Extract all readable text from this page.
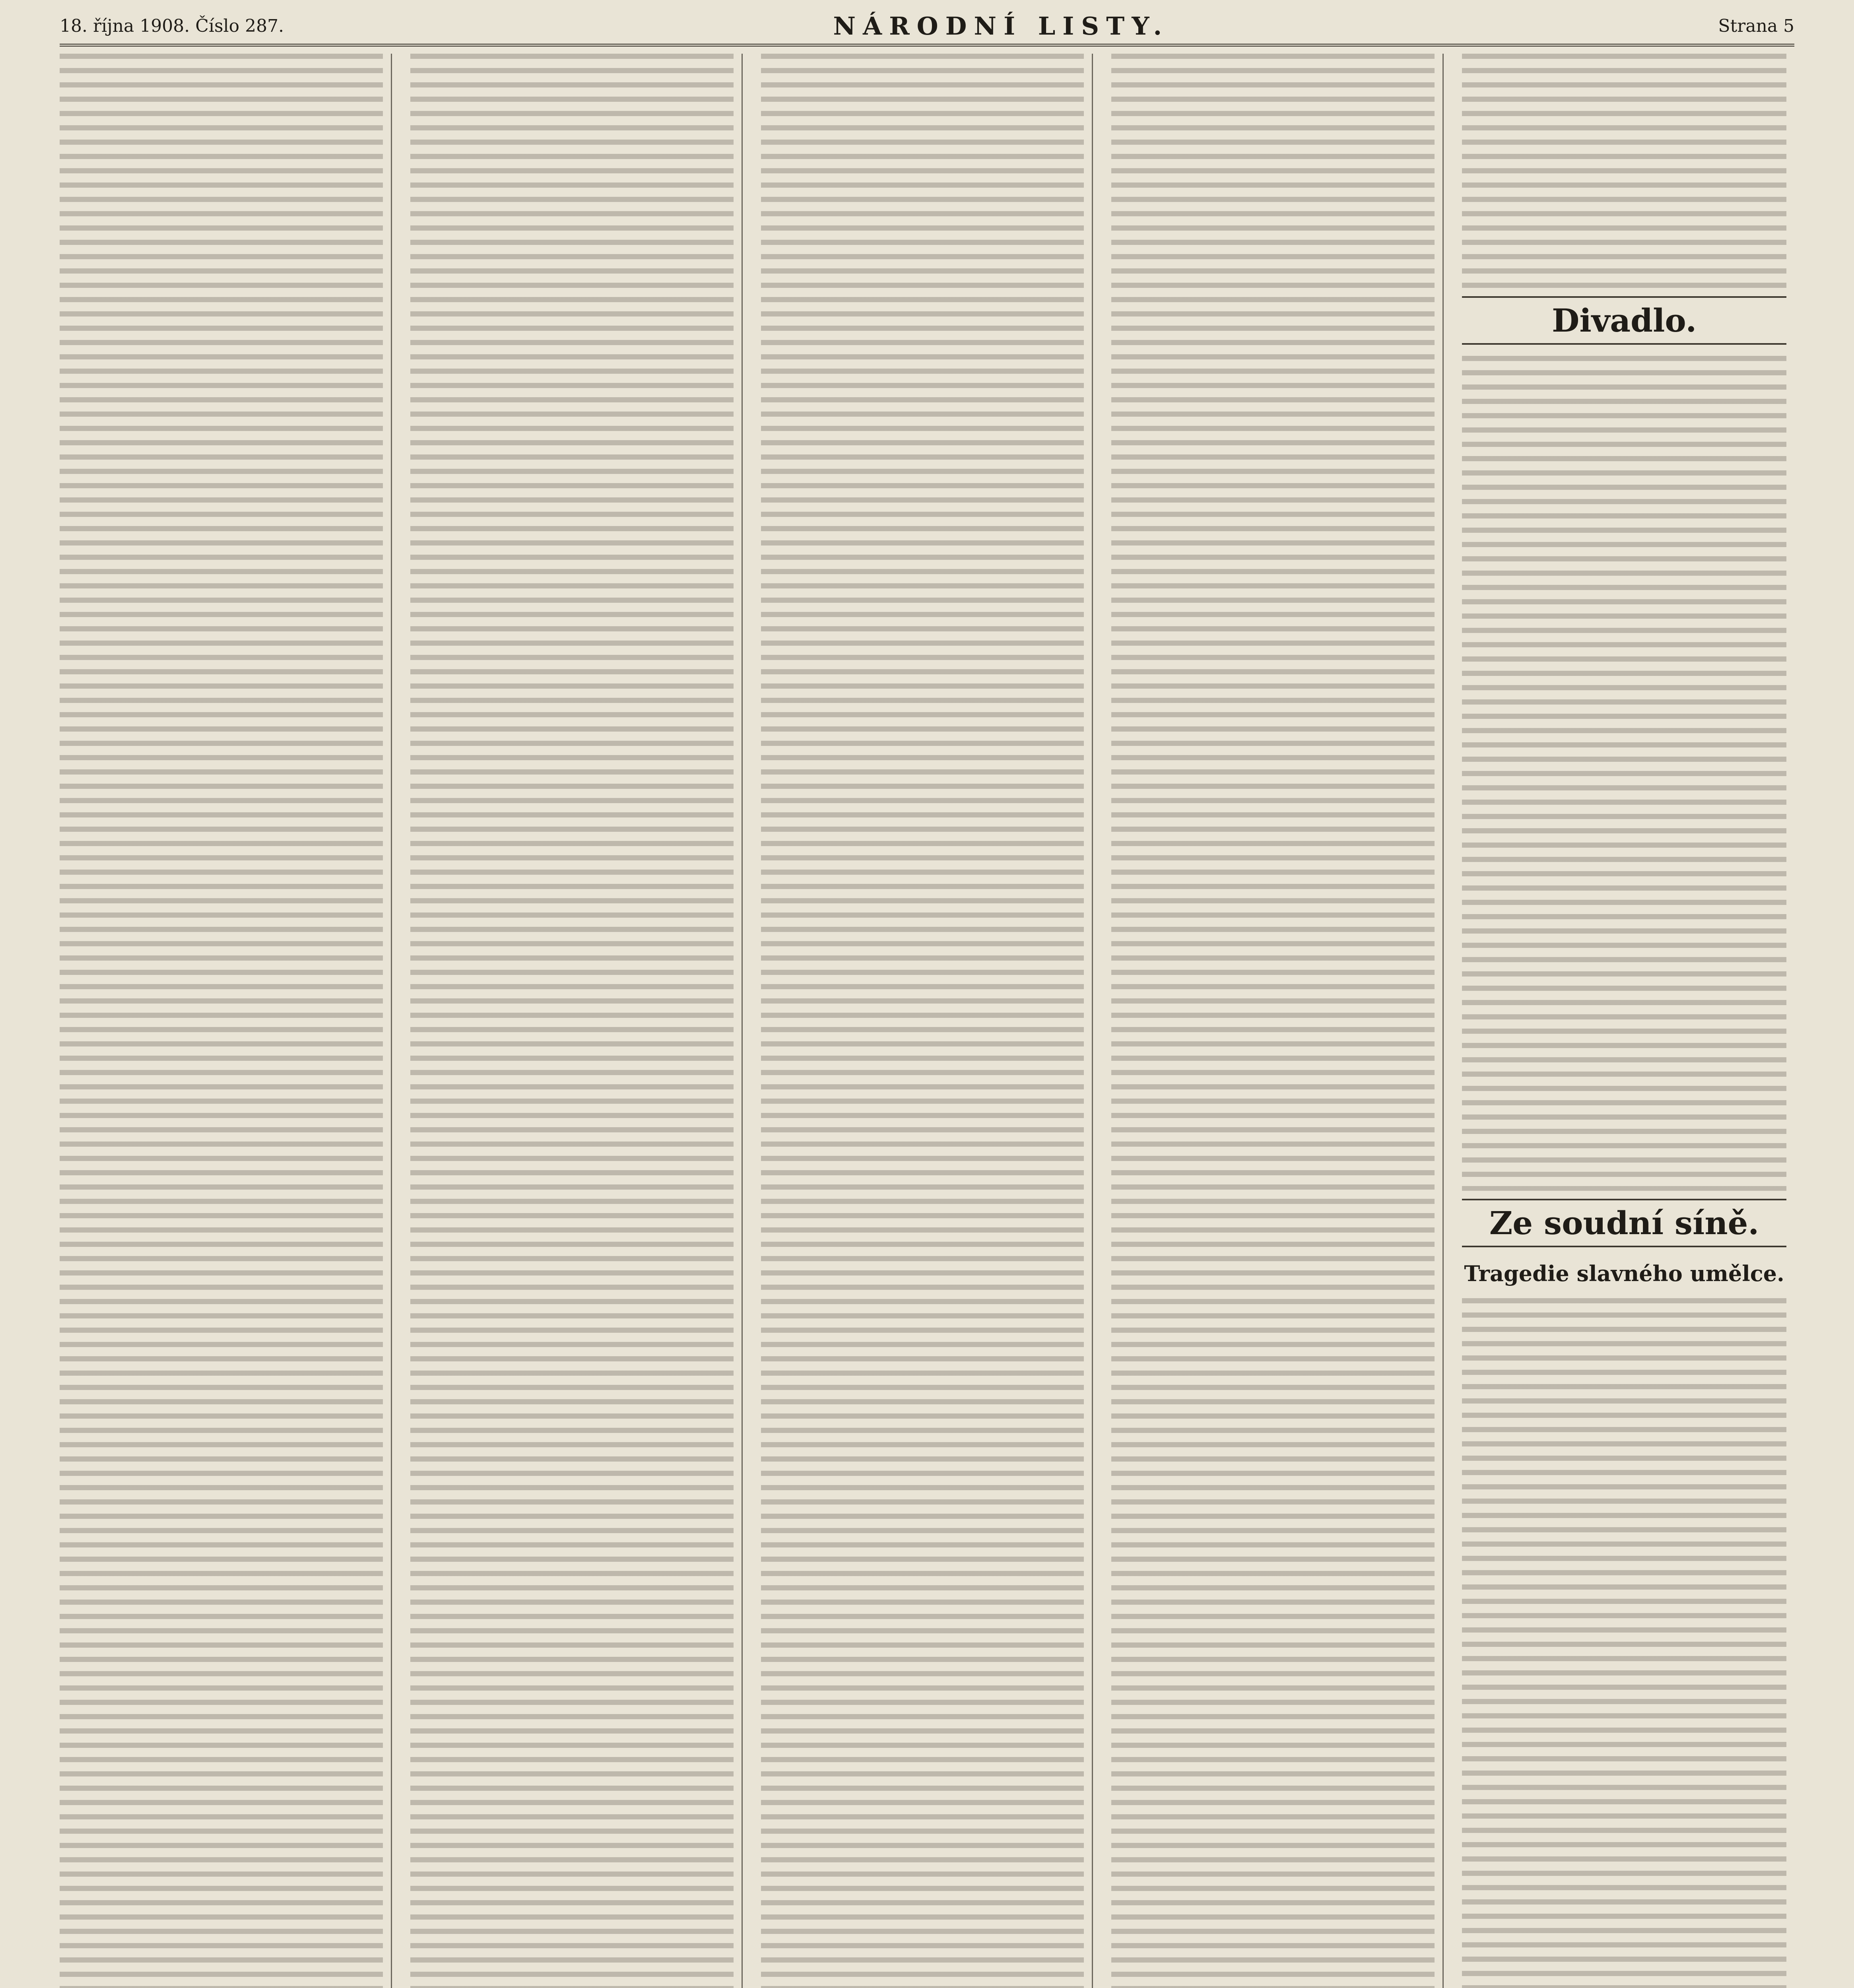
18. října 1908. Číslo 287.	NÁRODNÍ LISTY.	Strana 5
Divadlo.
Ze soudní síně.
Tragedie slavného umělce.
